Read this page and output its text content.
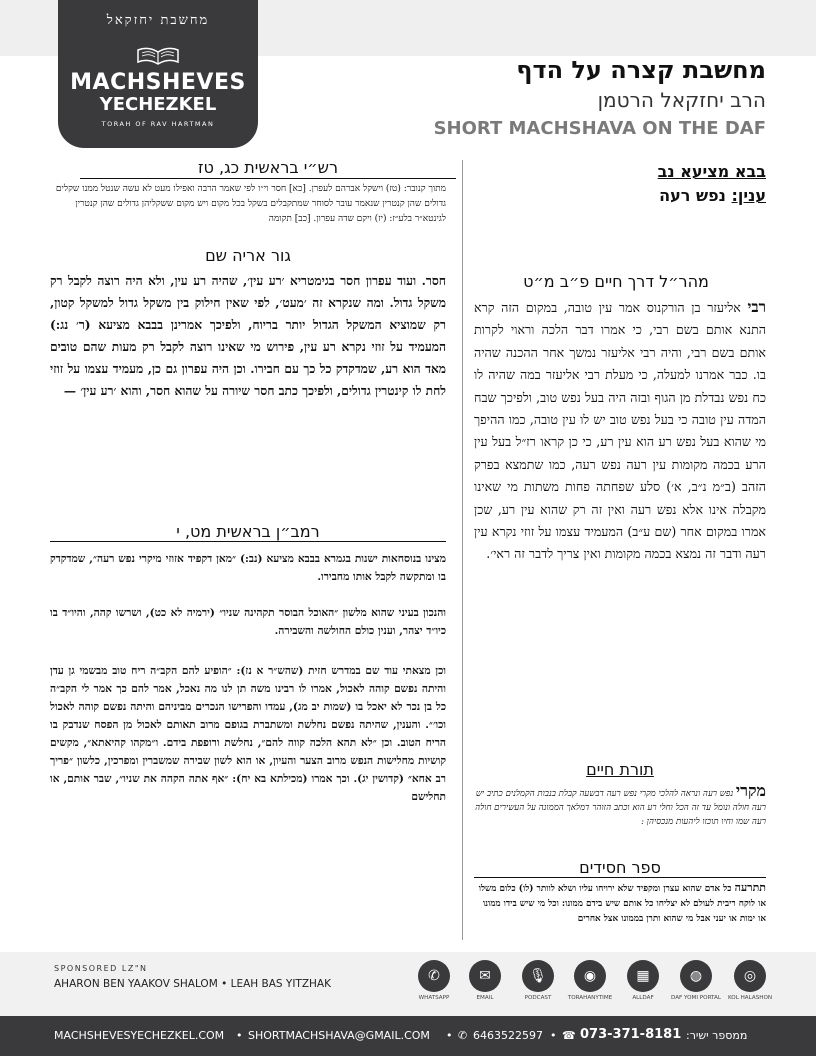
מחשבת יחזקאל
MACHSHEVES
YECHEZKEL
TORAH OF RAV HARTMAN
מחשבת קצרה על הדף
הרב יחזקאל הרטמן
SHORT MACHSHAVA ON THE DAF
רש״י בראשית כג, טז
מתוך קנובר: (טז) וישקל אברהם לעפרן. [כא] חסר וי״ו לפי שאמר הרבה ואפילו מעט לא עשה שנטל ממנו שקלים גדולים שהן קנטרין שנאמר עובר לסוחר שמתקבלים בשקל בכל מקום ויש מקום ששקליהן גדולים שהן קנטרין לגינטא״ר בלע״ז: (יז) ויקם שדה עפרון. [כב] תקומה
גור אריה שם
חסר. ועוד עפרון חסר בגימטריא ׳רע עין׳, שהיה רע עין, ולא היה רוצה לקבל רק משקל גדול. ומה שנקרא זה ׳מעט׳, לפי שאין חילוק בין משקל גדול למשקל קטון, רק שמוציא המשקל הגדול יותר בריוח, ולפיכך אמרינן בבבא מציעא (ר׳ נג:) המעמיד על זוזי נקרא רע עין, פירוש מי שאינו רוצה לקבל רק מעות שהם טובים מאד הוא רע, שמדקדק כל כך עם חבירו. וכן היה עפרון גם כן, מעמיד עצמו על זוזי לחת לו קינטרין גדולים, ולפיכך כתב חסר שיורה על שהוא חסר, והוא ׳רע עין׳ —
רמב״ן בראשית מט, י
מצינו בנוסחאות ישנות בגמרא בבבא מציעא (נב:) ״מאן דקפיד אזוזי מיקרי נפש רעה״, שמדקדק בו ומתקשה לקבל אותו מחבירו.
והנכון בעיני שהוא מלשון ״האוכל הבוסר תקהינה שניו״ (ירמיה לא כט), ושרשו קהה, והיו״ד בו כיו״ד יצהר, וענין כולם החולשה והשבירה.
וכן מצאתי עוד שם במדרש חזית (שהש״ר א נז): ״הופיע להם הקב״ה ריח טוב מבשמי גן עדן והיתה נפשם קוהה לאכול, אמרו לו רבינו משה תן לנו מה נאכל, אמר להם כך אמר לי הקב״ה כל בן נכר לא יאכל בו (שמות יב מג), עמדו והפרישו הנכרים מביניהם והיתה נפשם קוהה לאכול וכו׳״. והענין, שהיתה נפשם נחלשת ומשתברת בגופם מרוב תאותם לאכול מן הפסח שנדבק בו הריח הטוב. וכן ״לא תהא הלכה קווה להם״, נחלשת ורופפת בידם. ו״מקהו קהיאתא״, מקשים קושיות מחלישות הנפש מרוב הצער והעיון, או הוא לשון שבירה שמשברין ומפרכין, כלשון ״פריך רב אחא״ (קדושין יג). וכך אמרו (מכילתא בא יח): ״אף אתה הקהה את שניו״, שבר אותם, או תחלישם
בבא מציעא נב
ענין: נפש רעה
מהר״ל דרך חיים פ״ב מ״ט
רבי אליעזר בן הורקנוס אמר עין טובה, במקום הזה קרא התנא אותם בשם רבי, כי אמרו דבר הלכה וראוי לקרות אותם בשם רבי, והיה רבי אליעזר נמשך אחר ההכנה שהיה בו. כבר אמרנו למעלה, כי מעלת רבי אליעזר במה שהיה לו כח נפש נבדלת מן הגוף ובזה היה בעל נפש טוב, ולפיכך שבח המדה עין טובה כי בעל נפש טוב יש לו עין טובה, כמו ההיפך מי שהוא בעל נפש רע הוא עין רע, כי כן קראו רז״ל בעל עין הרע בכמה מקומות עין רעה נפש רעה, כמו שתמצא בפרק הזהב (ב״מ נ״ב, א׳) סלע שפחתה פחות משתות מי שאינו מקבלה אינו אלא נפש רעה ואין זה רק שהוא עין רע, שכן אמרו במקום אחר (שם ע״ב) המעמיד עצמו על זוזי נקרא עין רעה ודבר זה נמצא בכמה מקומות ואין צריך לדבר זה ראי׳.
תורת חיים
מקרי נפש רעה ונראה להלכי מקרי נפש רעה דבשעה קבלת בנבות הקמלנים כתיב יש רעה חולה ונומל עד זה הכל וחלי רע הוא וכתב הזוהר דמלאך הממונה על העשירים חולה רעה שמו וחיו תוכזו ליהעות מנכסיהן :
ספר חסידים
תתרעה כל אדם שהוא עצרן ומקפיד שלא ירויחו עליו ושלא לוותר (לו) כלום משלו או לוקח ריבית לעולם לא יצליחו כל אותם שיש בידם ממונו: וכל מי שיש בידו ממונו או ימות או יעני אבל מי שהוא ותרן בממונו אצל אחרים
SPONSORED LZ"N
AHARON BEN YAAKOV SHALOM • LEAH BAS YITZHAK	✆
WHATSAPP
✉
EMAIL
🎙
PODCAST
◉
TORAHANYTIME
▦
ALLDAF
◍
DAF YOMI PORTAL
◎
KOL HALASHON
MACHSHEVESYECHEZKEL.COM • SHORTMACHSHAVA@GMAIL.COM • ✆ 6463522597 • ☎ 073-371-8181 ממספר ישיר:
